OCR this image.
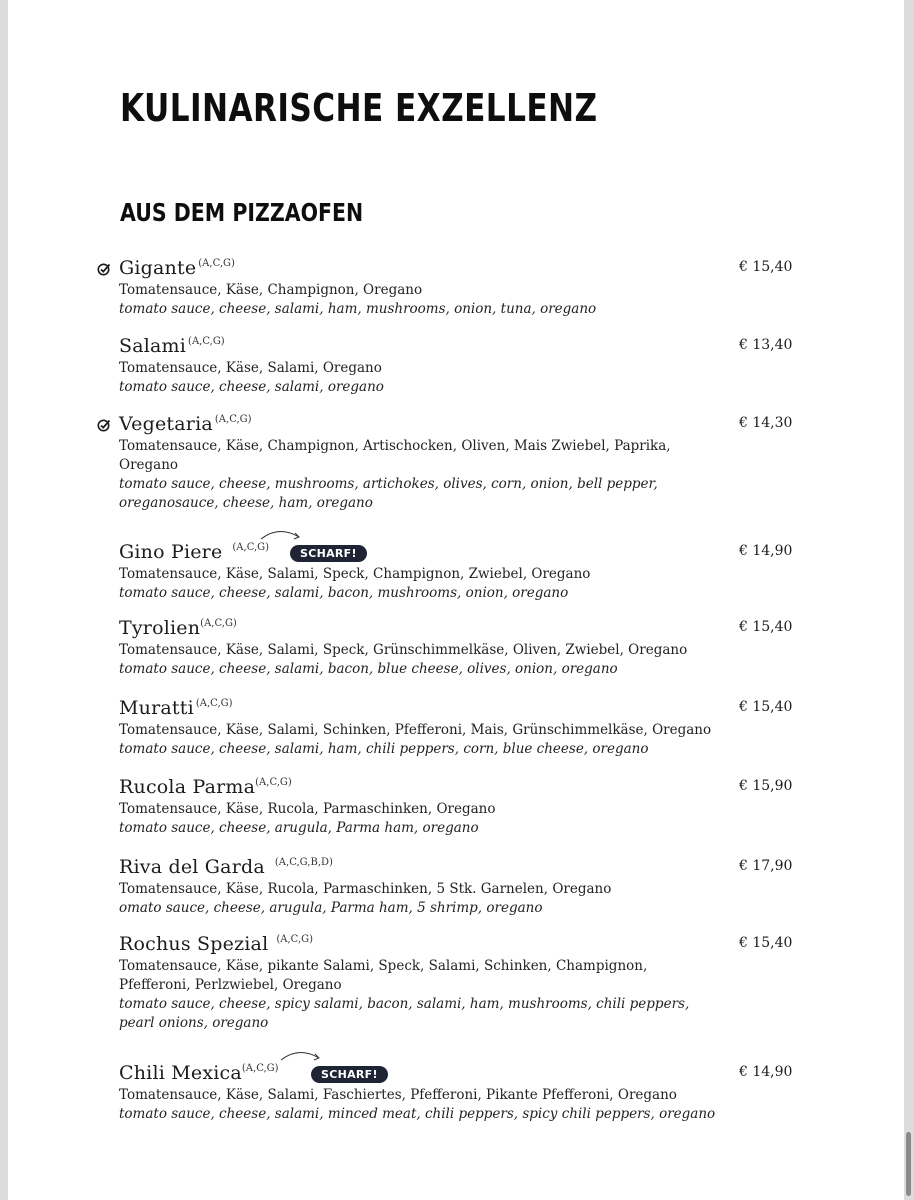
KULINARISCHE EXZELLENZ
AUS DEM PIZZAOFEN
Gigante $^{(A,C,G)}$	€ 15,40
Tomatensauce, Käse, Champignon, Oregano
tomato sauce, cheese, salami, ham, mushrooms, onion, tuna, oregano
Salami $^{(A,C,G)}$	€ 13,40
Tomatensauce, Käse, Salami, Oregano
tomato sauce, cheese, salami, oregano
Vegetaria $^{(A,C,G)}$	€ 14,30
Tomatensauce, Käse, Champignon, Artischocken, Oliven, Mais Zwiebel, Paprika, Oregano
tomato sauce, cheese, mushrooms, artichokes, olives, corn, onion, bell pepper, oreganosauce, cheese, ham, oregano
Gino Piere $^{(A,C,G)}$	SCHARF!	€ 14,90
Tomatensauce, Käse, Salami, Speck, Champignon, Zwiebel, Oregano
tomato sauce, cheese, salami, bacon, mushrooms, onion, oregano
Tyrolien$^{(A,C,G)}$	€ 15,40
Tomatensauce, Käse, Salami, Speck, Grünschimmelkäse, Oliven, Zwiebel, Oregano
tomato sauce, cheese, salami, bacon, blue cheese, olives, onion, oregano
Muratti $^{(A,C,G)}$	€ 15,40
Tomatensauce, Käse, Salami, Schinken, Pfefferoni, Mais, Grünschimmelkäse, Oregano
tomato sauce, cheese, salami, ham, chili peppers, corn, blue cheese, oregano
Rucola Parma$^{(A,C,G)}$	€ 15,90
Tomatensauce, Käse, Rucola, Parmaschinken, Oregano
tomato sauce, cheese, arugula, Parma ham, oregano
Riva del Garda $^{(A,C,G,B,D)}$	€ 17,90
Tomatensauce, Käse, Rucola, Parmaschinken, 5 Stk. Garnelen, Oregano
omato sauce, cheese, arugula, Parma ham, 5 shrimp, oregano
Rochus Spezial $^{(A,C,G)}$	€ 15,40
Tomatensauce, Käse, pikante Salami, Speck, Salami, Schinken, Champignon, Pfefferoni, Perlzwiebel, Oregano
tomato sauce, cheese, spicy salami, bacon, salami, ham, mushrooms, chili peppers, pearl onions, oregano
Chili Mexica$^{(A,C,G)}$	SCHARF!	€ 14,90
Tomatensauce, Käse, Salami, Faschiertes, Pfefferoni, Pikante Pfefferoni, Oregano
tomato sauce, cheese, salami, minced meat, chili peppers, spicy chili peppers, oregano
